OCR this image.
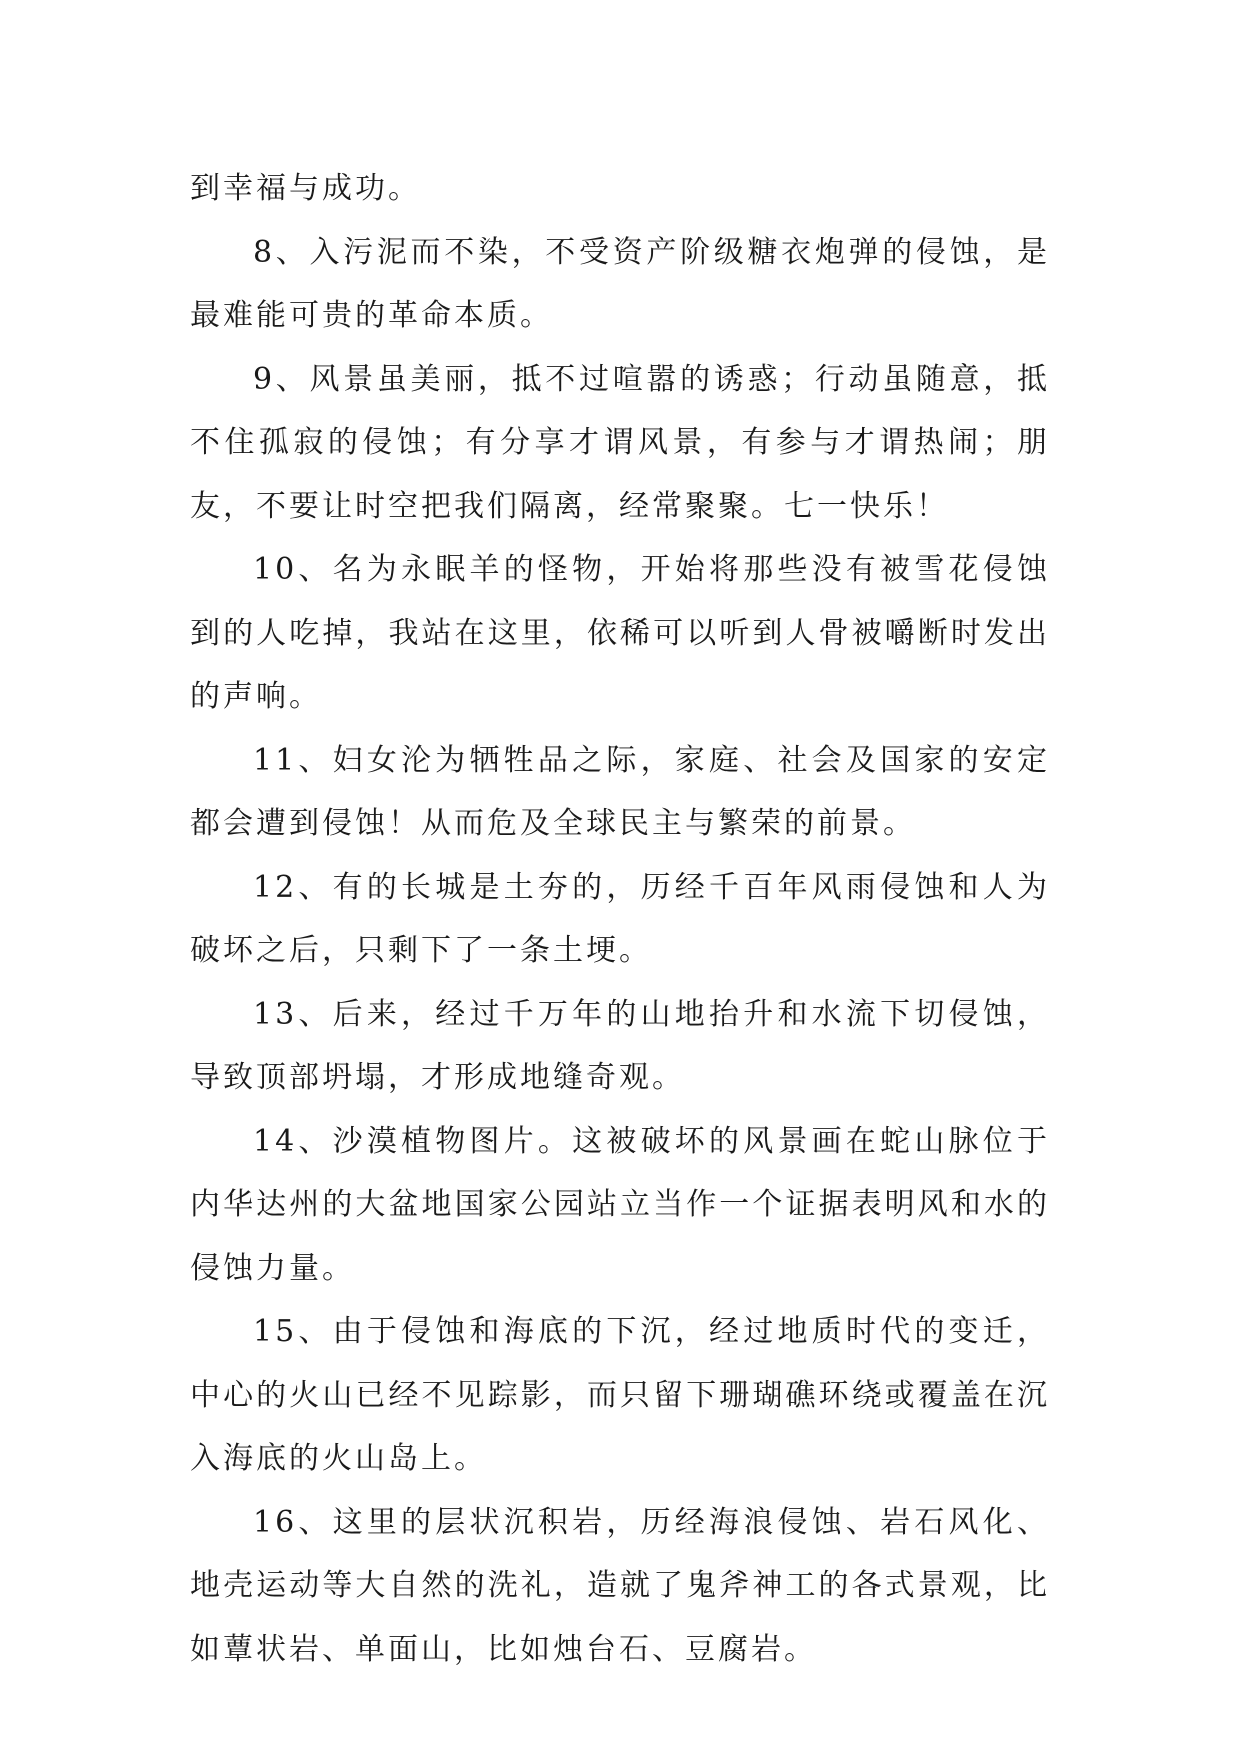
到幸福与成功。

8、入污泥而不染，不受资产阶级糖衣炮弹的侵蚀，是最难能可贵的革命本质。

9、风景虽美丽，抵不过喧嚣的诱惑；行动虽随意，抵不住孤寂的侵蚀；有分享才谓风景，有参与才谓热闹；朋友，不要让时空把我们隔离，经常聚聚。七一快乐！

10、名为永眠羊的怪物，开始将那些没有被雪花侵蚀到的人吃掉，我站在这里，依稀可以听到人骨被嚼断时发出的声响。

11、妇女沦为牺牲品之际，家庭、社会及国家的安定都会遭到侵蚀！从而危及全球民主与繁荣的前景。

12、有的长城是土夯的，历经千百年风雨侵蚀和人为破坏之后，只剩下了一条土埂。

13、后来，经过千万年的山地抬升和水流下切侵蚀，导致顶部坍塌，才形成地缝奇观。

14、沙漠植物图片。这被破坏的风景画在蛇山脉位于内华达州的大盆地国家公园站立当作一个证据表明风和水的侵蚀力量。

15、由于侵蚀和海底的下沉，经过地质时代的变迁，中心的火山已经不见踪影，而只留下珊瑚礁环绕或覆盖在沉入海底的火山岛上。

16、这里的层状沉积岩，历经海浪侵蚀、岩石风化、地壳运动等大自然的洗礼，造就了鬼斧神工的各式景观，比如蕈状岩、单面山，比如烛台石、豆腐岩。
